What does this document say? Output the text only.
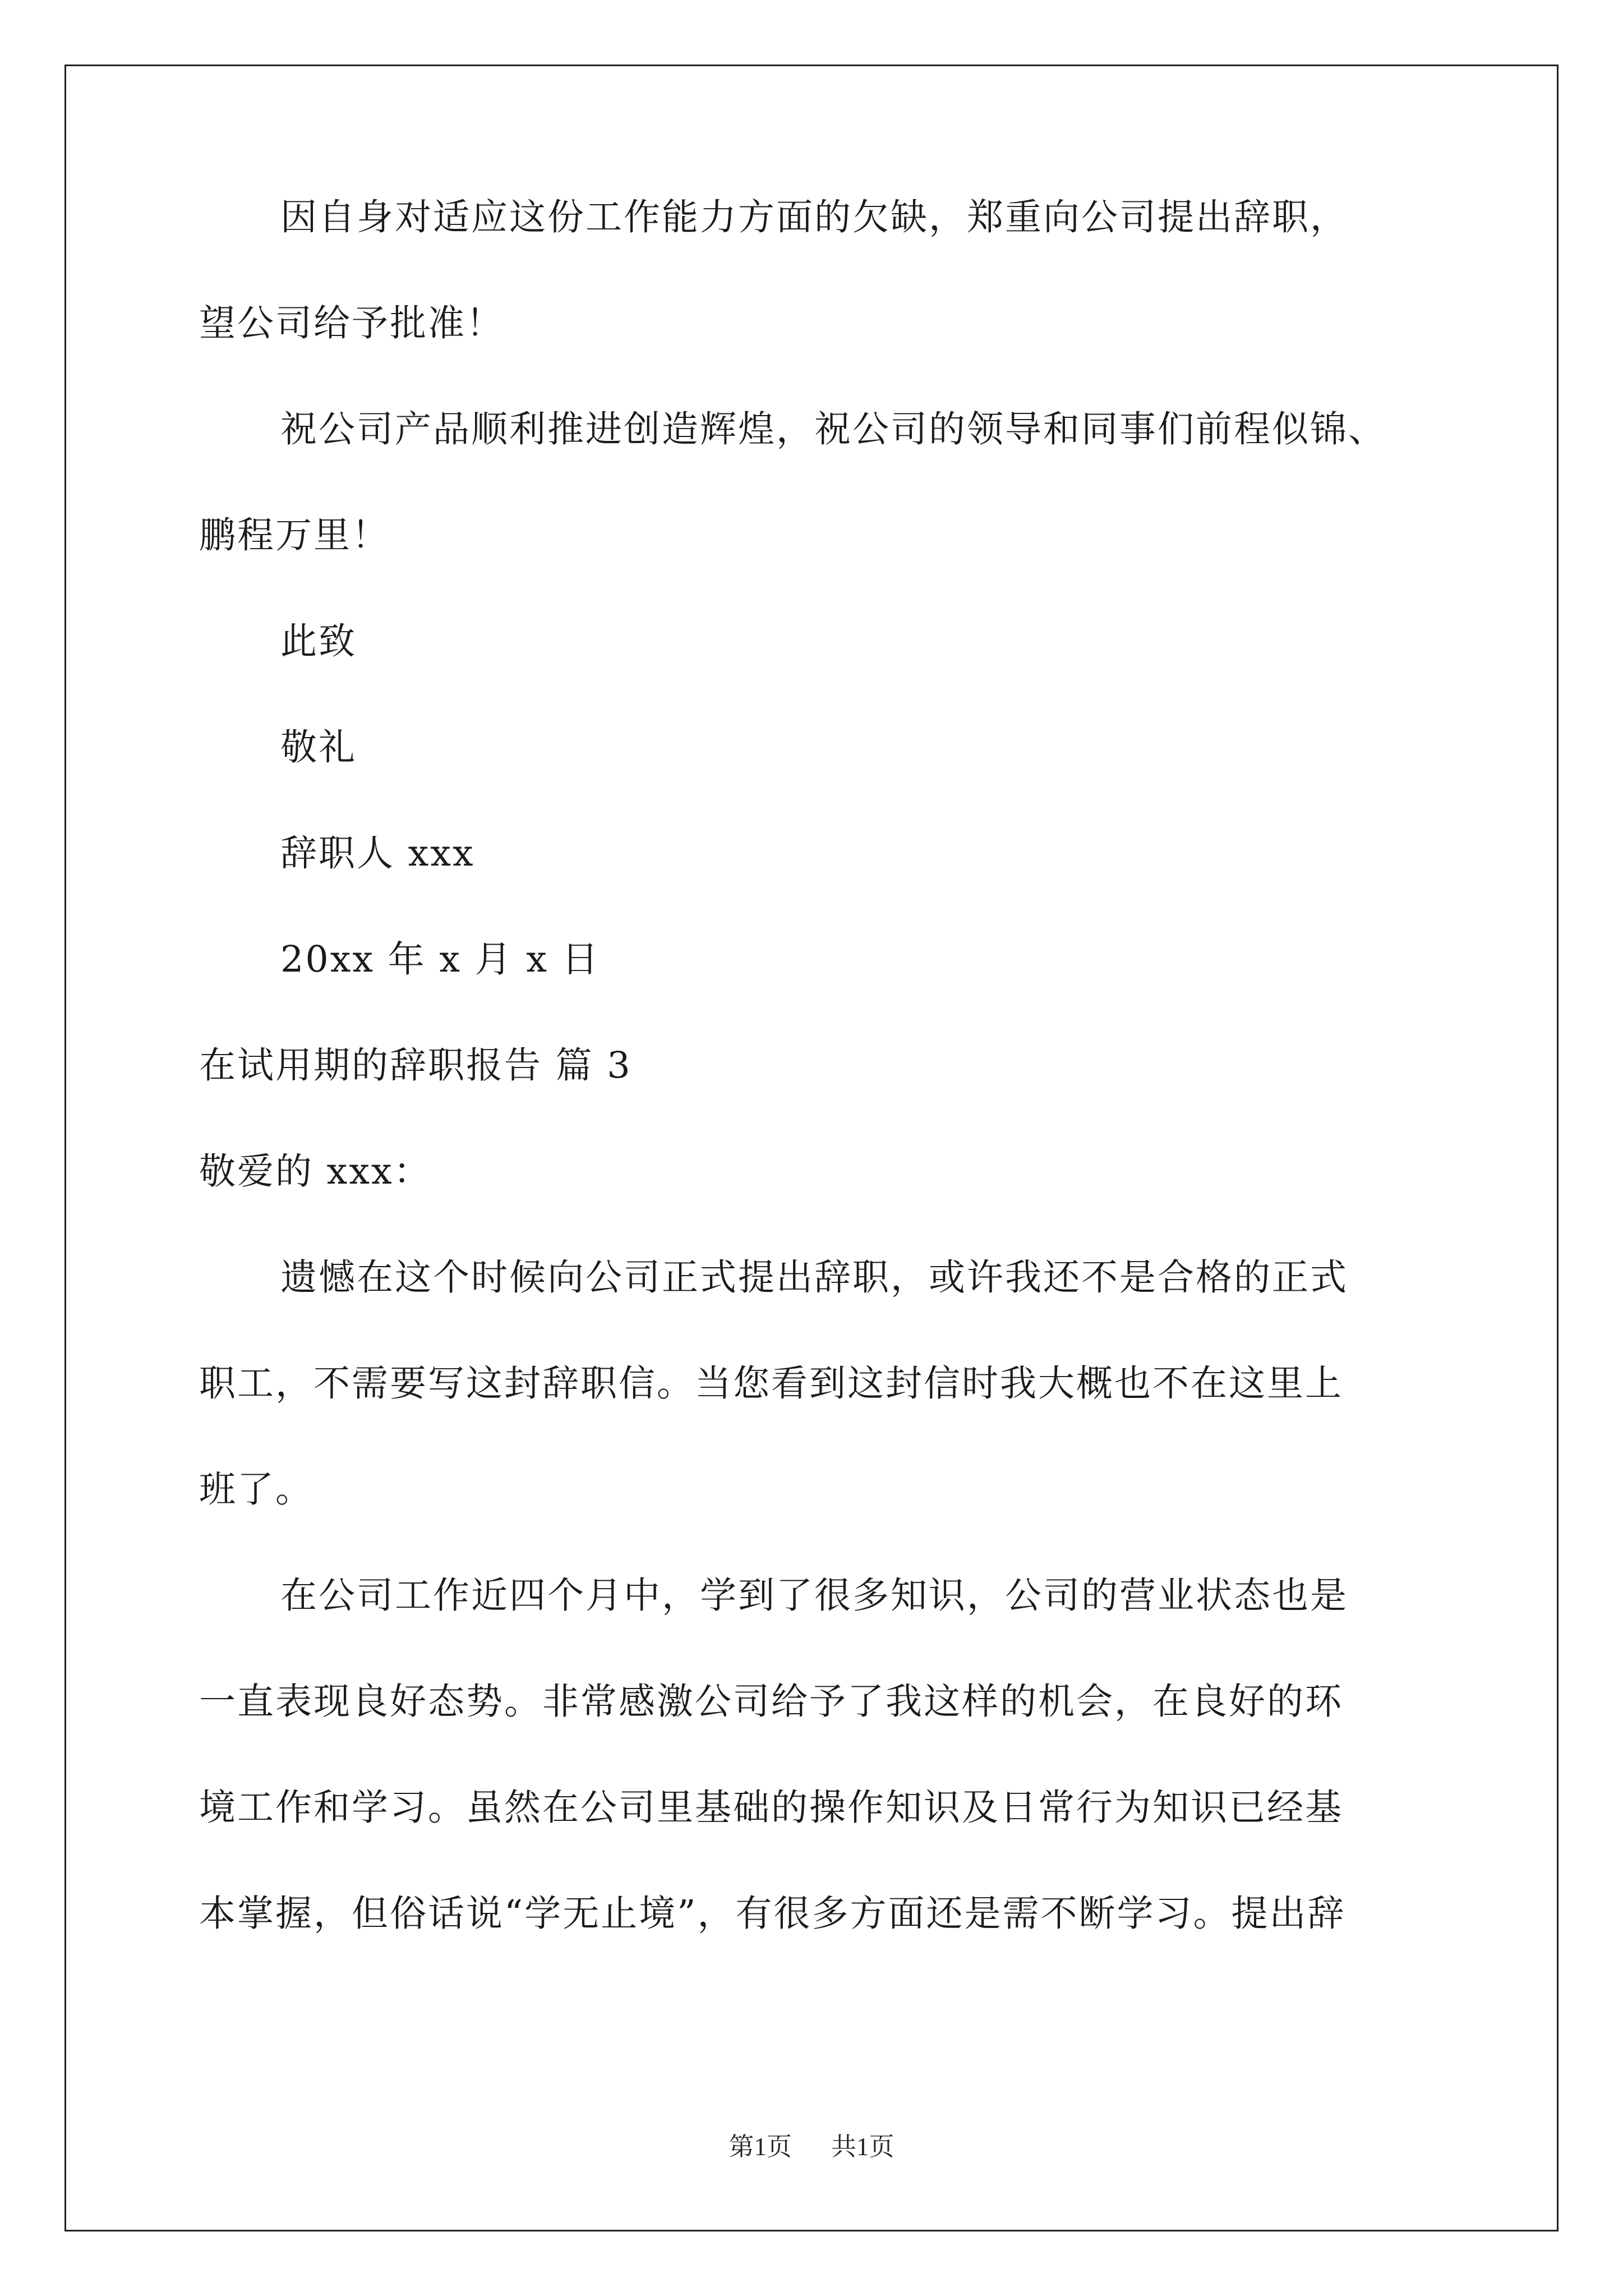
因自身对适应这份工作能力方面的欠缺，郑重向公司提出辞职，
望公司给予批准！
祝公司产品顺利推进创造辉煌，祝公司的领导和同事们前程似锦、
鹏程万里！
此致
敬礼
辞职人 xxx
20xx 年 x 月 x 日
在试用期的辞职报告 篇 3
敬爱的 xxx：
遗憾在这个时候向公司正式提出辞职，或许我还不是合格的正式
职工，不需要写这封辞职信。当您看到这封信时我大概也不在这里上
班了。
在公司工作近四个月中，学到了很多知识，公司的营业状态也是
一直表现良好态势。非常感激公司给予了我这样的机会，在良好的环
境工作和学习。虽然在公司里基础的操作知识及日常行为知识已经基
本掌握，但俗话说“学无止境”，有很多方面还是需不断学习。提出辞
第1页 共1页
